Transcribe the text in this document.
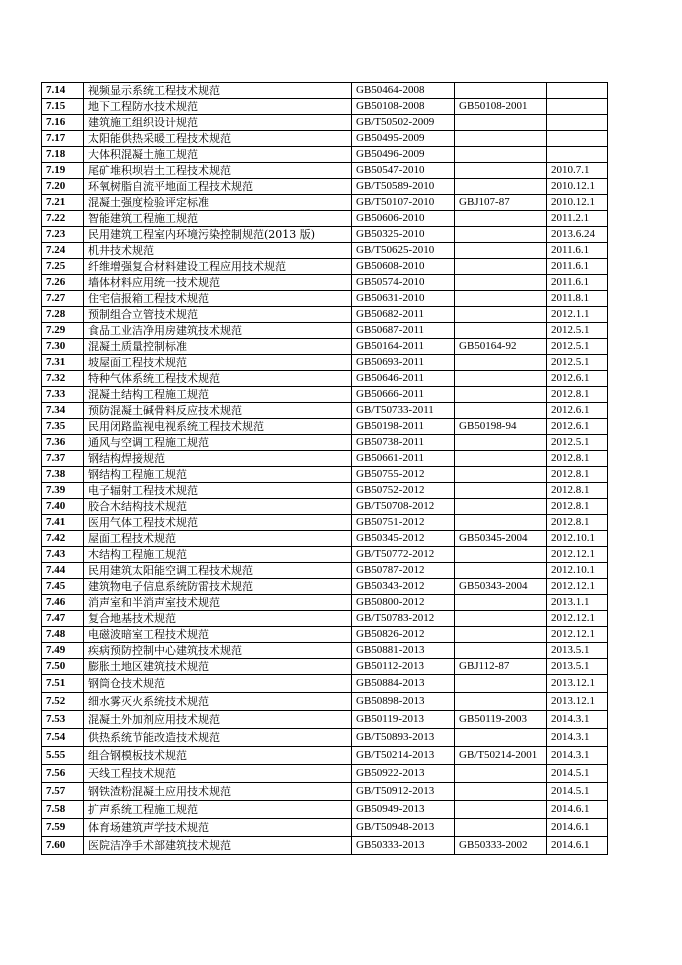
7.14	视频显示系统工程技术规范	GB50464-2008		
7.15	地下工程防水技术规范	GB50108-2008	GB50108-2001	
7.16	建筑施工组织设计规范	GB/T50502-2009		
7.17	太阳能供热采暖工程技术规范	GB50495-2009		
7.18	大体积混凝土施工规范	GB50496-2009		
7.19	尾矿堆积坝岩土工程技术规范	GB50547-2010		2010.7.1
7.20	环氧树脂自流平地面工程技术规范	GB/T50589-2010		2010.12.1
7.21	混凝土强度检验评定标准	GB/T50107-2010	GBJ107-87	2010.12.1
7.22	智能建筑工程施工规范	GB50606-2010		2011.2.1
7.23	民用建筑工程室内环境污染控制规范(2013 版)	GB50325-2010		2013.6.24
7.24	机井技术规范	GB/T50625-2010		2011.6.1
7.25	纤维增强复合材料建设工程应用技术规范	GB50608-2010		2011.6.1
7.26	墙体材料应用统一技术规范	GB50574-2010		2011.6.1
7.27	住宅信报箱工程技术规范	GB50631-2010		2011.8.1
7.28	预制组合立管技术规范	GB50682-2011		2012.1.1
7.29	食品工业洁净用房建筑技术规范	GB50687-2011		2012.5.1
7.30	混凝土质量控制标准	GB50164-2011	GB50164-92	2012.5.1
7.31	坡屋面工程技术规范	GB50693-2011		2012.5.1
7.32	特种气体系统工程技术规范	GB50646-2011		2012.6.1
7.33	混凝土结构工程施工规范	GB50666-2011		2012.8.1
7.34	预防混凝土碱骨料反应技术规范	GB/T50733-2011		2012.6.1
7.35	民用闭路监视电视系统工程技术规范	GB50198-2011	GB50198-94	2012.6.1
7.36	通风与空调工程施工规范	GB50738-2011		2012.5.1
7.37	钢结构焊接规范	GB50661-2011		2012.8.1
7.38	钢结构工程施工规范	GB50755-2012		2012.8.1
7.39	电子辐射工程技术规范	GB50752-2012		2012.8.1
7.40	胶合木结构技术规范	GB/T50708-2012		2012.8.1
7.41	医用气体工程技术规范	GB50751-2012		2012.8.1
7.42	屋面工程技术规范	GB50345-2012	GB50345-2004	2012.10.1
7.43	木结构工程施工规范	GB/T50772-2012		2012.12.1
7.44	民用建筑太阳能空调工程技术规范	GB50787-2012		2012.10.1
7.45	建筑物电子信息系统防雷技术规范	GB50343-2012	GB50343-2004	2012.12.1
7.46	消声室和半消声室技术规范	GB50800-2012		2013.1.1
7.47	复合地基技术规范	GB/T50783-2012		2012.12.1
7.48	电磁波暗室工程技术规范	GB50826-2012		2012.12.1
7.49	疾病预防控制中心建筑技术规范	GB50881-2013		2013.5.1
7.50	膨胀土地区建筑技术规范	GB50112-2013	GBJ112-87	2013.5.1
7.51	钢筒仓技术规范	GB50884-2013		2013.12.1
7.52	细水雾灭火系统技术规范	GB50898-2013		2013.12.1
7.53	混凝土外加剂应用技术规范	GB50119-2013	GB50119-2003	2014.3.1
7.54	供热系统节能改造技术规范	GB/T50893-2013		2014.3.1
5.55	组合钢模板技术规范	GB/T50214-2013	GB/T50214-2001	2014.3.1
7.56	天线工程技术规范	GB50922-2013		2014.5.1
7.57	钢铁渣粉混凝土应用技术规范	GB/T50912-2013		2014.5.1
7.58	扩声系统工程施工规范	GB50949-2013		2014.6.1
7.59	体育场建筑声学技术规范	GB/T50948-2013		2014.6.1
7.60	医院洁净手术部建筑技术规范	GB50333-2013	GB50333-2002	2014.6.1
